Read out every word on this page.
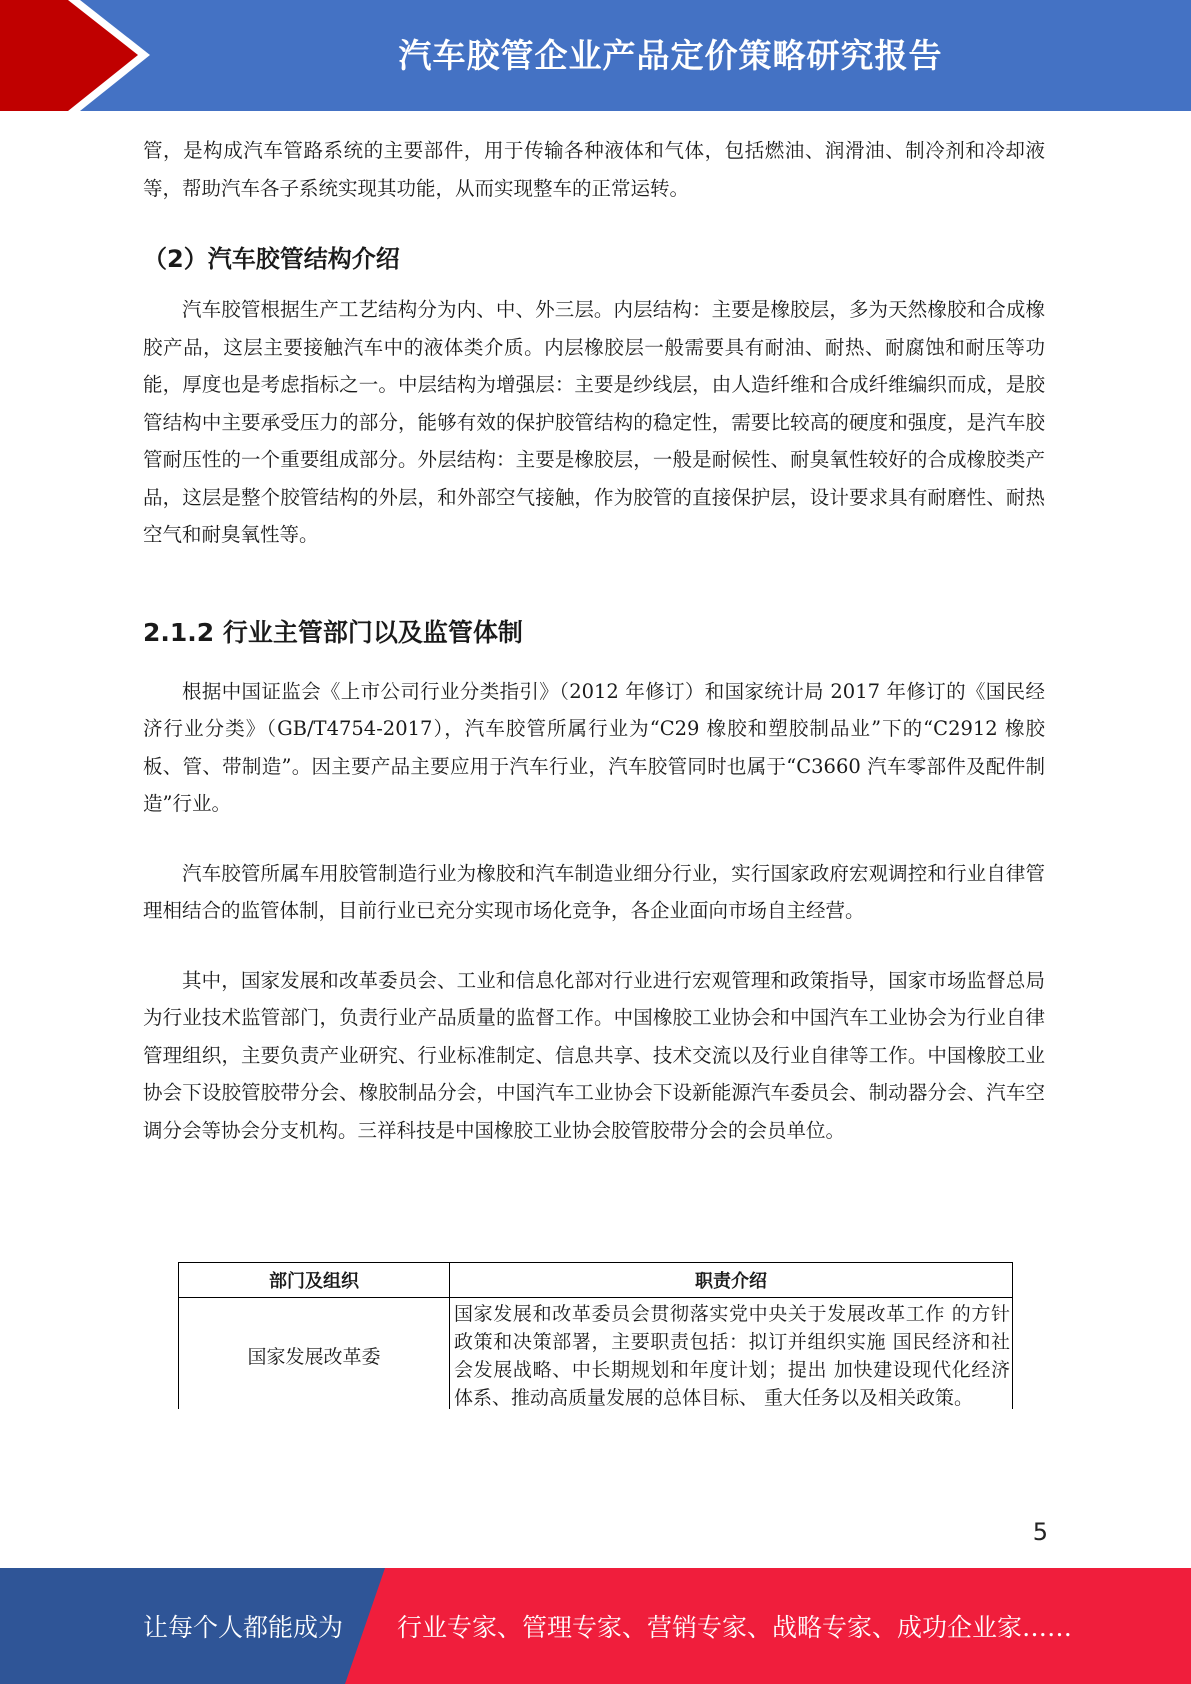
汽车胶管企业产品定价策略研究报告

管，是构成汽车管路系统的主要部件，用于传输各种液体和气体，包括燃油、润滑油、制冷剂和冷却液等，帮助汽车各子系统实现其功能，从而实现整车的正常运转。

（2）汽车胶管结构介绍

汽车胶管根据生产工艺结构分为内、中、外三层。内层结构：主要是橡胶层，多为天然橡胶和合成橡胶产品，这层主要接触汽车中的液体类介质。内层橡胶层一般需要具有耐油、耐热、耐腐蚀和耐压等功能，厚度也是考虑指标之一。中层结构为增强层：主要是纱线层，由人造纤维和合成纤维编织而成，是胶管结构中主要承受压力的部分，能够有效的保护胶管结构的稳定性，需要比较高的硬度和强度，是汽车胶管耐压性的一个重要组成部分。外层结构：主要是橡胶层，一般是耐候性、耐臭氧性较好的合成橡胶类产品，这层是整个胶管结构的外层，和外部空气接触，作为胶管的直接保护层，设计要求具有耐磨性、耐热空气和耐臭氧性等。

2.1.2 行业主管部门以及监管体制

根据中国证监会《上市公司行业分类指引》（2012 年修订）和国家统计局 2017 年修订的《国民经济行业分类》（GB/T4754-2017），汽车胶管所属行业为“C29 橡胶和塑胶制品业”下的“C2912 橡胶板、管、带制造”。因主要产品主要应用于汽车行业，汽车胶管同时也属于“C3660 汽车零部件及配件制造”行业。

汽车胶管所属车用胶管制造行业为橡胶和汽车制造业细分行业，实行国家政府宏观调控和行业自律管理相结合的监管体制，目前行业已充分实现市场化竞争，各企业面向市场自主经营。

其中，国家发展和改革委员会、工业和信息化部对行业进行宏观管理和政策指导，国家市场监督总局为行业技术监管部门，负责行业产品质量的监督工作。中国橡胶工业协会和中国汽车工业协会为行业自律管理组织，主要负责产业研究、行业标准制定、信息共享、技术交流以及行业自律等工作。中国橡胶工业协会下设胶管胶带分会、橡胶制品分会，中国汽车工业协会下设新能源汽车委员会、制动器分会、汽车空调分会等协会分支机构。三祥科技是中国橡胶工业协会胶管胶带分会的会员单位。

部门及组织	职责介绍
国家发展改革委	国家发展和改革委员会贯彻落实党中央关于发展改革工作 的方针政策和决策部署，主要职责包括：拟订并组织实施 国民经济和社会发展战略、中长期规划和年度计划；提出 加快建设现代化经济体系、推动高质量发展的总体目标、 重大任务以及相关政策。
5
让每个人都能成为 行业专家、管理专家、营销专家、战略专家、成功企业家……
